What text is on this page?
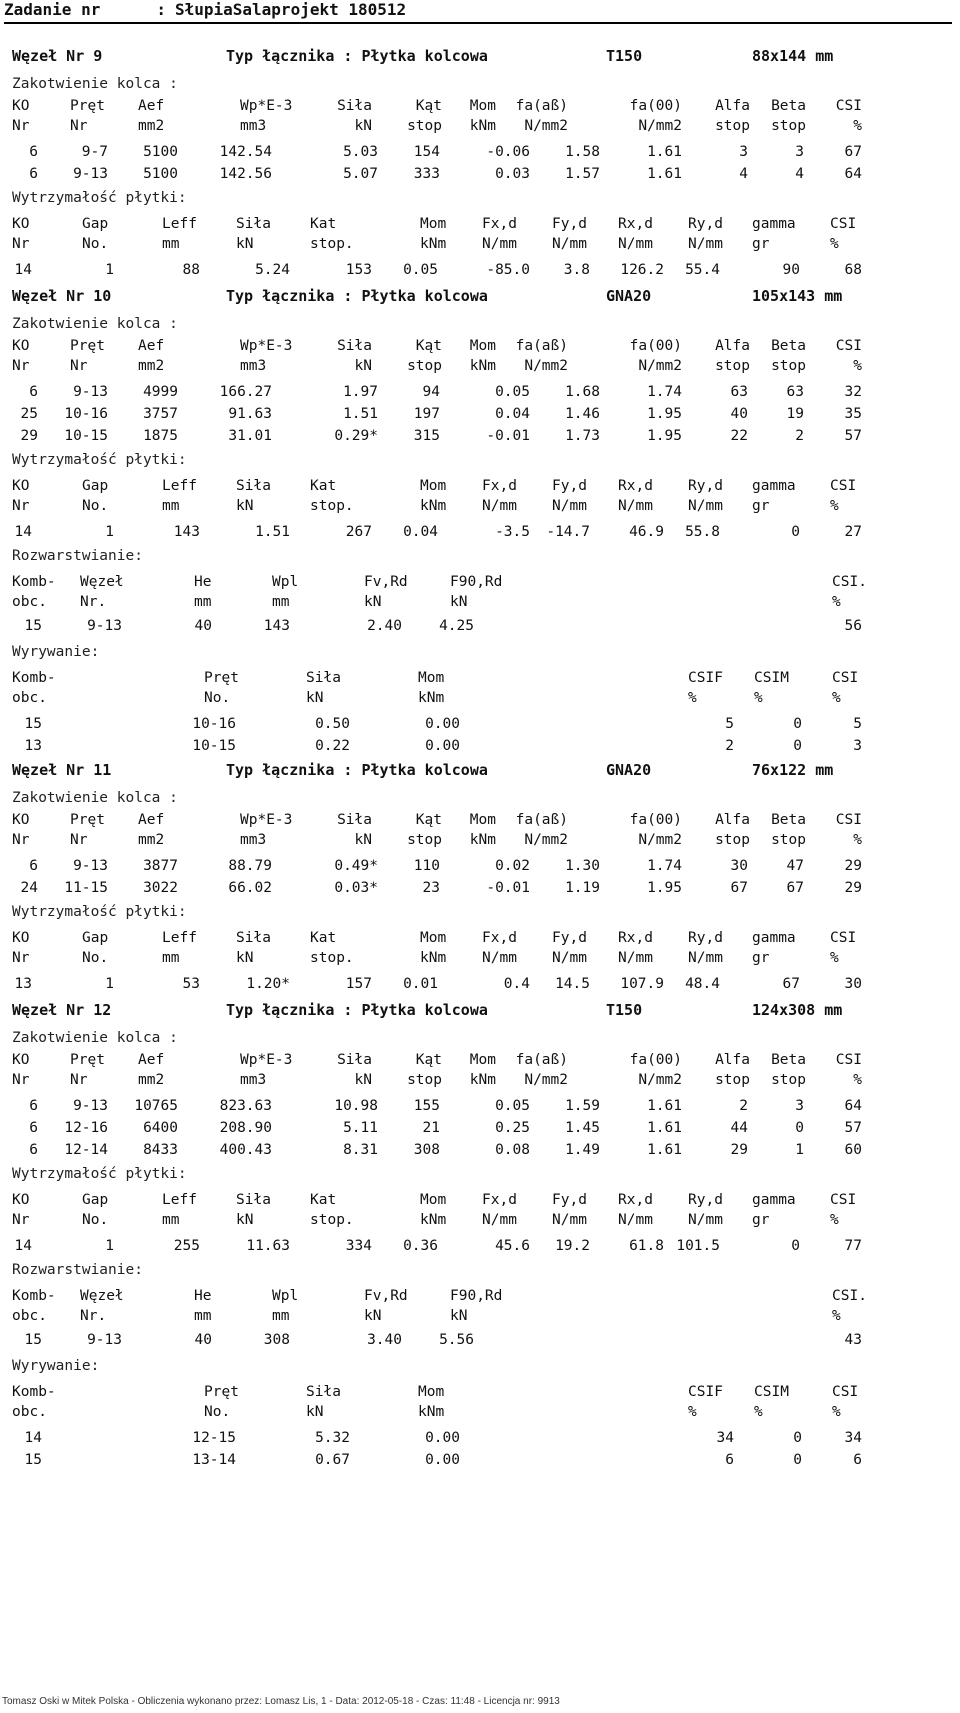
Zadanie nr	: SłupiaSalaprojekt 180512
Węzeł Nr 9	Typ łącznika : Płytka kolcowa	T150	88x144 mm
Zakotwienie kolca :
KO	Pręt Aef	Wp*E-3	Siła	Kąt Mom fa(aß)	fa(00) Alfa Beta CSI
Nr	Nr	mm2	mm3	kN stop kNm N/mm2	N/mm2 stop stop	%
6	9-7 5100	142.54	5.03 154	-0.06 1.58	1.61	3	3	67
6 9-13 5100	142.56	5.07 333	0.03 1.57	1.61	4	4	64
Wytrzymałość płytki:
KO	Gap	Leff	Siła	Kat	Mom Fx,d Fy,d Rx,d Ry,d gamma CSI
Nr	No.	mm	kN	stop.	kNm N/mm N/mm N/mm N/mm gr	%
14	1	88	5.24	153 0.05	-85.0 3.8 126.2 55.4	90	68
Węzeł Nr 10	Typ łącznika : Płytka kolcowa	GNA20	105x143 mm
Zakotwienie kolca :
KO	Pręt Aef	Wp*E-3	Siła	Kąt Mom fa(aß)	fa(00) Alfa Beta CSI
Nr	Nr	mm2	mm3	kN stop kNm N/mm2	N/mm2 stop stop	%
6 9-13 4999	166.27	1.97	94	0.05 1.68	1.74	63	63	32
25 10-16 3757	91.63	1.51 197	0.04 1.46	1.95	40	19	35
29 10-15 1875	31.01	0.29* 315	-0.01 1.73	1.95	22	2	57
Wytrzymałość płytki:
KO	Gap	Leff	Siła	Kat	Mom Fx,d Fy,d Rx,d Ry,d gamma CSI
Nr	No.	mm	kN	stop.	kNm N/mm N/mm N/mm N/mm gr	%
14	1	143	1.51	267 0.04	-3.5 -14.7	46.9 55.8	0	27
Rozwarstwianie:
Komb- Węzeł	He	Wpl	Fv,Rd	F90,Rd	CSI.
obc. Nr.	mm	mm	kN	kN	%
15	9-13	40	143	2.40	4.25	56
Wyrywanie:
Komb-	Pręt	Siła	Mom	CSIF CSIM	CSI
obc.	No.	kN	kNm	%	%	%
15	10-16	0.50	0.00	5	0	5
13	10-15	0.22	0.00	2	0	3
Węzeł Nr 11	Typ łącznika : Płytka kolcowa	GNA20	76x122 mm
Zakotwienie kolca :
KO	Pręt Aef	Wp*E-3	Siła	Kąt Mom fa(aß)	fa(00) Alfa Beta CSI
Nr	Nr	mm2	mm3	kN stop kNm N/mm2	N/mm2 stop stop	%
6 9-13 3877	88.79	0.49* 110	0.02 1.30	1.74	30	47	29
24 11-15 3022	66.02	0.03*	23	-0.01 1.19	1.95	67	67	29
Wytrzymałość płytki:
KO	Gap	Leff	Siła	Kat	Mom Fx,d Fy,d Rx,d Ry,d gamma CSI
Nr	No.	mm	kN	stop.	kNm N/mm N/mm N/mm N/mm gr	%
13	1	53	1.20*	157 0.01	0.4 14.5 107.9 48.4	67	30
Węzeł Nr 12	Typ łącznika : Płytka kolcowa	T150	124x308 mm
Zakotwienie kolca :
KO	Pręt Aef	Wp*E-3	Siła	Kąt Mom fa(aß)	fa(00) Alfa Beta CSI
Nr	Nr	mm2	mm3	kN stop kNm N/mm2	N/mm2 stop stop	%
6 9-13 10765	823.63	10.98 155	0.05 1.59	1.61	2	3	64
6 12-16 6400	208.90	5.11	21	0.25 1.45	1.61	44	0	57
6 12-14 8433	400.43	8.31 308	0.08 1.49	1.61	29	1	60
Wytrzymałość płytki:
KO	Gap	Leff	Siła	Kat	Mom Fx,d Fy,d Rx,d Ry,d gamma CSI
Nr	No.	mm	kN	stop.	kNm N/mm N/mm N/mm N/mm gr	%
14	1	255	11.63	334 0.36	45.6 19.2	61.8 101.5	0	77
Rozwarstwianie:
Komb- Węzeł	He	Wpl	Fv,Rd	F90,Rd	CSI.
obc. Nr.	mm	mm	kN	kN	%
15	9-13	40	308	3.40	5.56	43
Wyrywanie:
Komb-	Pręt	Siła	Mom	CSIF CSIM	CSI
obc.	No.	kN	kNm	%	%	%
14	12-15	5.32	0.00	34	0	34
15	13-14	0.67	0.00	6	0	6
Tomasz Oski w Mitek Polska - Obliczenia wykonano przez: Lomasz Lis, 1 - Data: 2012-05-18 - Czas: 11:48 - Licencja nr: 9913
